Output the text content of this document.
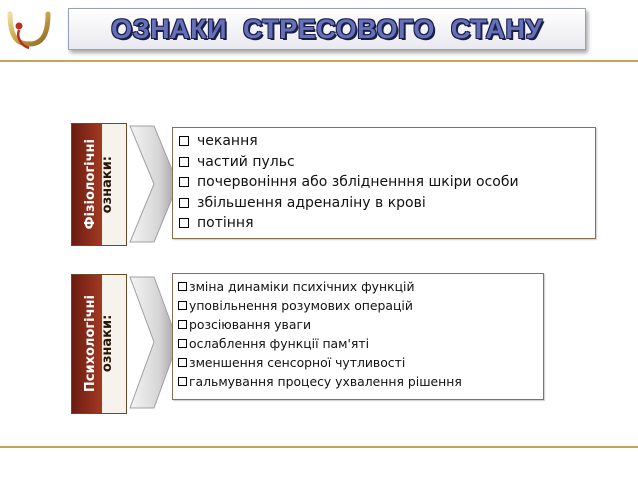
ОЗНАКИ СТРЕСОВОГО СТАНУ
Фізіологічні ознаки:
чекання
частий пульс
почервоніння або зблідненння шкіри особи
збільшення адреналіну в крові
потіння
Психологічні ознаки:
зміна динаміки психічних функцій
уповільнення розумових операцій
розсіювання уваги
ослаблення функції пам'яті
зменшення сенсорної чутливості
гальмування процесу ухвалення рішення
